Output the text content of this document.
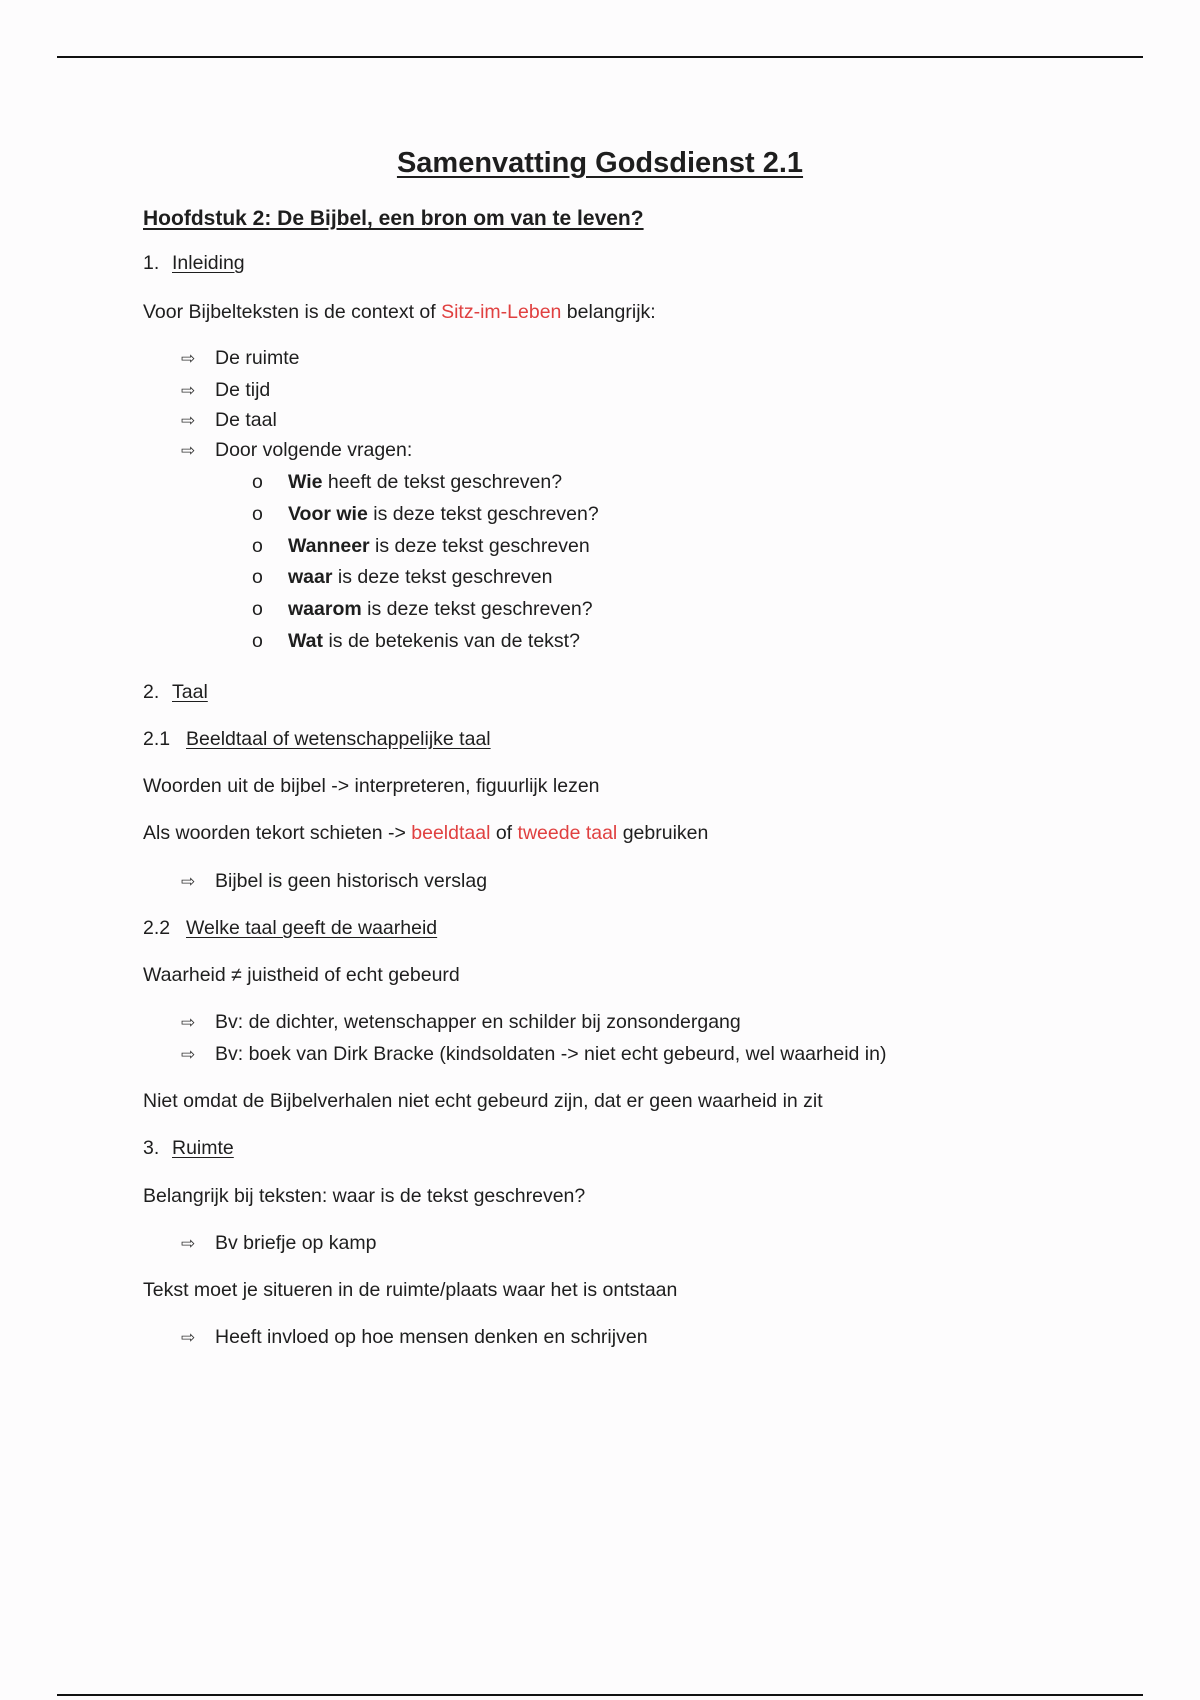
Samenvatting Godsdienst 2.1
Hoofdstuk 2: De Bijbel, een bron om van te leven?
1. Inleiding
Voor Bijbelteksten is de context of Sitz-im-Leben belangrijk:
⇨ De ruimte
⇨ De tijd
⇨ De taal
⇨ Door volgende vragen:
o Wie heeft de tekst geschreven?
o Voor wie is deze tekst geschreven?
o Wanneer is deze tekst geschreven
o waar is deze tekst geschreven
o waarom is deze tekst geschreven?
o Wat is de betekenis van de tekst?
2. Taal
2.1 Beeldtaal of wetenschappelijke taal
Woorden uit de bijbel -> interpreteren, figuurlijk lezen
Als woorden tekort schieten -> beeldtaal of tweede taal gebruiken
⇨ Bijbel is geen historisch verslag
2.2 Welke taal geeft de waarheid
Waarheid ≠ juistheid of echt gebeurd
⇨ Bv: de dichter, wetenschapper en schilder bij zonsondergang
⇨ Bv: boek van Dirk Bracke (kindsoldaten -> niet echt gebeurd, wel waarheid in)
Niet omdat de Bijbelverhalen niet echt gebeurd zijn, dat er geen waarheid in zit
3. Ruimte
Belangrijk bij teksten: waar is de tekst geschreven?
⇨ Bv briefje op kamp
Tekst moet je situeren in de ruimte/plaats waar het is ontstaan
⇨ Heeft invloed op hoe mensen denken en schrijven
